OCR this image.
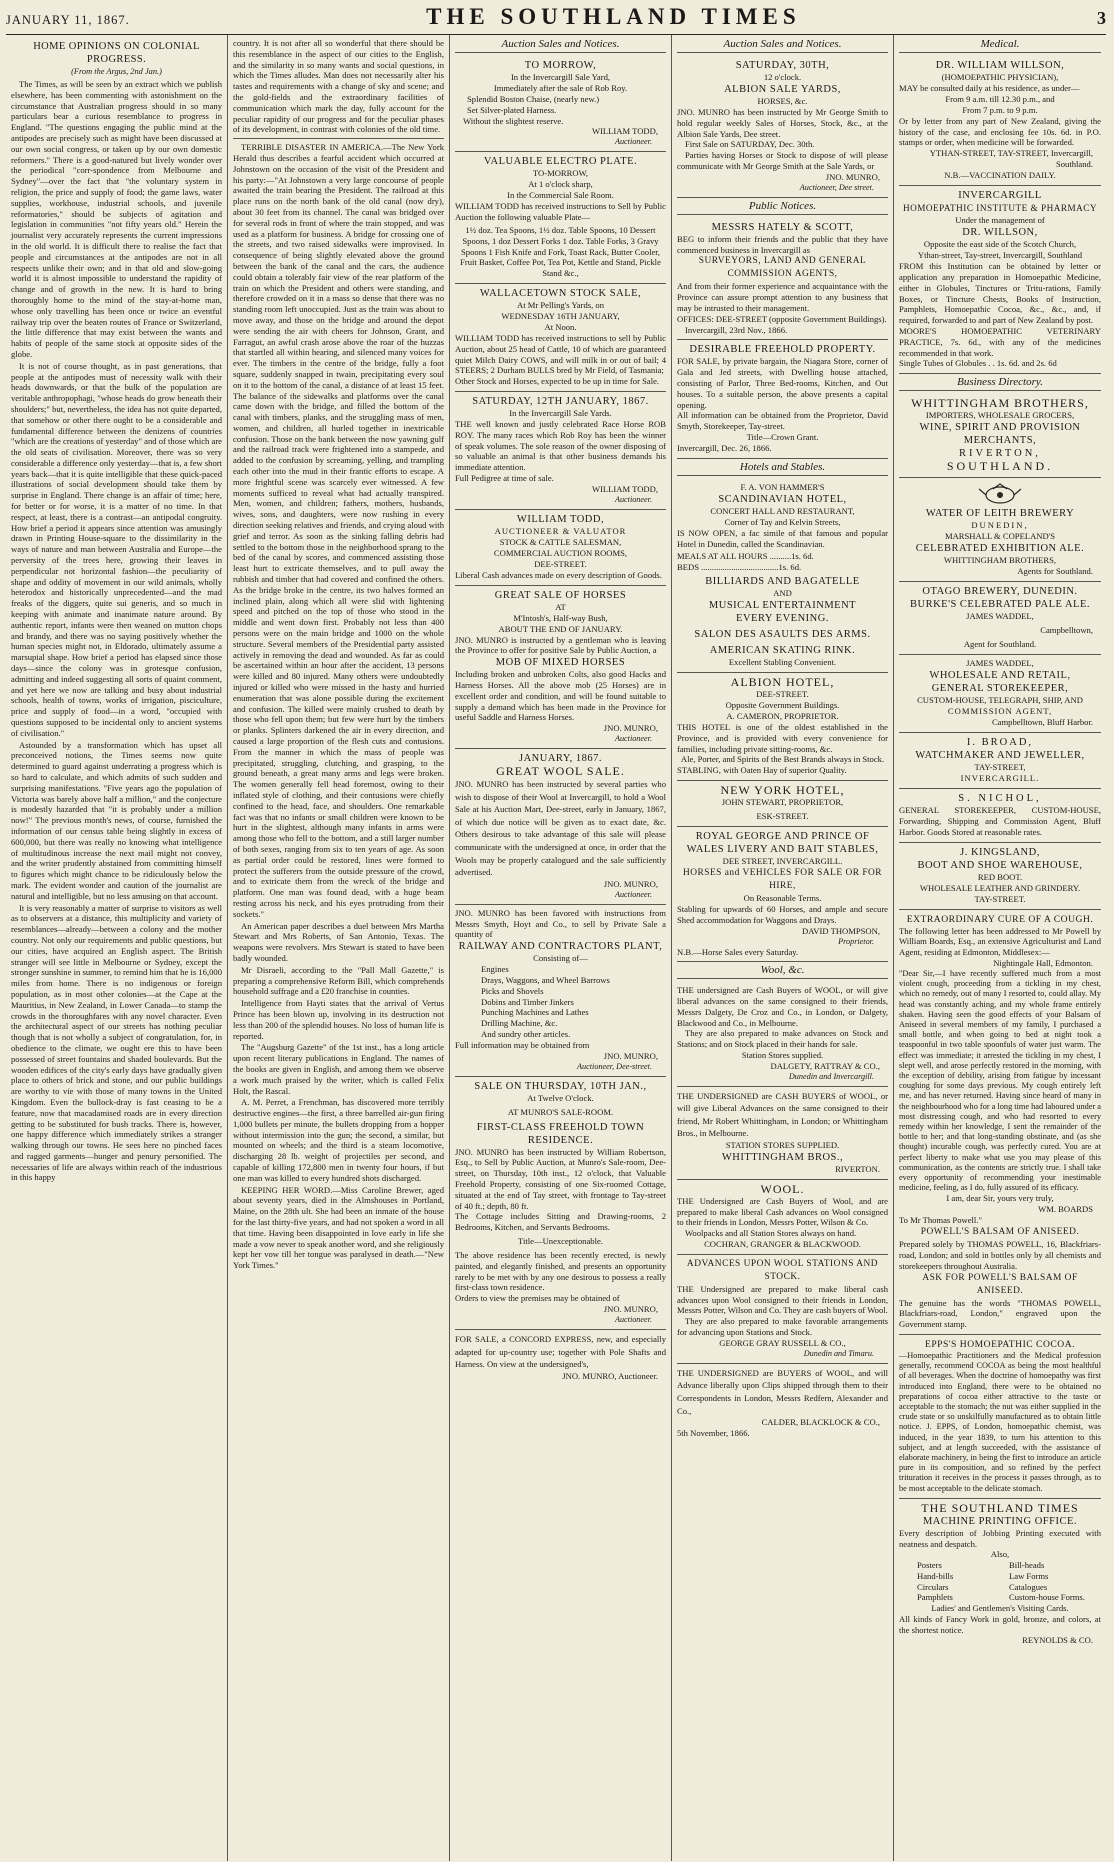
JANUARY 11, 1867.	THE SOUTHLAND TIMES	3
HOME OPINIONS ON COLONIAL PROGRESS.
(From the Argus, 2nd Jan.)

The Times, as will be seen by an extract which we publish elsewhere, has been commenting with astonishment on the circumstance that Australian progress should in so many particulars bear a curious resemblance to progress in England. "The questions engaging the public mind at the antipodes are precisely such as might have been discussed at our own social congress, or taken up by our own domestic reformers." There is a good-natured but lively wonder over the periodical "corr-spondence from Melbourne and Sydney"—over the fact that "the voluntary system in religion, the price and supply of food; the game laws, water supplies, workhouse, industrial schools, and juvenile reformatories," should be subjects of agitation and legislation in communities "not fifty years old." Herein the journalist very accurately represents the current impressions in the old world. It is difficult there to realise the fact that people and circumstances at the antipodes are not in all respects unlike their own; and in that old and slow-going world it is almost impossible to understand the rapidity of change and of growth in the new. It is hard to bring thoroughly home to the mind of the stay-at-home man, whose only travelling has been once or twice an eventful railway trip over the beaten routes of France or Switzerland, the little difference that may exist between the wants and habits of people of the same stock at opposite sides of the globe.

It is not of course thought, as in past generations, that people at the antipodes must of necessity walk with their heads downwards, or that the bulk of the population are veritable anthropophagi, "whose heads do grow beneath their shoulders;" but, nevertheless, the idea has not quite departed, that somehow or other there ought to be a considerable and fundamental difference between the denizens of countries "which are the creations of yesterday" and of those which are the old seats of civilisation. Moreover, there was so very considerable a difference only yesterday—that is, a few short years back—that it is quite intelligible that these quick-paced illustrations of social development should take them by surprise in England. There change is an affair of time; here, for better or for worse, it is a matter of no time. In that respect, at least, there is a contrast—an antipodal congruity. How brief a period it appears since attention was amusingly drawn in Printing House-square to the dissimilarity in the ways of nature and man between Australia and Europe—the perversity of the trees here, growing their leaves in perpendicular not horizontal fashion—the peculiarity of shape and oddity of movement in our wild animals, wholly heterodox and historically unprecedented—and the mad freaks of the diggers, quite sui generis, and so much in keeping with animate and inanimate nature around. By authentic report, infants were then weaned on mutton chops and brandy, and there was no saying positively whether the human species might not, in Eldorado, ultimately assume a marsupial shape. How brief a period has elapsed since those days—since the colony was in grotesque confusion, admitting and indeed suggesting all sorts of quaint comment, and yet here we now are talking and busy about industrial schools, health of towns, works of irrigation, pisciculture, price and supply of food—in a word, "occupied with questions supposed to be incidental only to ancient systems of civilisation."

Astounded by a transformation which has upset all preconceived notions, the Times seems now quite determined to guard against underrating a progress which is so hard to calculate, and which admits of such sudden and surprising manifestations. "Five years ago the population of Victoria was barely above half a million," and the conjecture is modestly hazarded that "it is probably under a million now!" The previous month's news, of course, furnished the information of our census table being slightly in excess of 600,000, but there was really no knowing what intelligence of multitudinous increase the next mail might not convey, and the writer prudently abstained from committing himself to figures which might chance to be ridiculously below the mark. The evident wonder and caution of the journalist are natural and intelligible, but no less amusing on that account.

It is very reasonably a matter of surprise to visitors as well as to observers at a distance, this multiplicity and variety of resemblances—already—between a colony and the mother country. Not only our requirements and public questions, but our cities, have acquired an English aspect. The British stranger will see little in Melbourne or Sydney, except the stronger sunshine in summer, to remind him that he is 16,000 miles from home. There is no indigenous or foreign population, as in most other colonies—at the Cape at the Mauritius, in New Zealand, in Lower Canada—to stamp the crowds in the thoroughfares with any novel character. Even the architectural aspect of our streets has nothing peculiar though that is not wholly a subject of congratulation, for, in obedience to the climate, we ought ere this to have been possessed of street fountains and shaded boulevards. But the wooden edifices of the city's early days have gradually given place to others of brick and stone, and our public buildings are worthy to vie with those of many towns in the United Kingdom. Even the bullock-dray is fast ceasing to be a feature, now that macadamised roads are in every direction getting to be substituted for bush tracks. There is, however, one happy difference which immediately strikes a stranger walking through our towns. He sees here no pinched faces and ragged garments—hunger and penury personified. The necessaries of life are always within reach of the industrious in this happy

country. It is not after all so wonderful that there should be this resemblance in the aspect of our cities to the English, and the similarity in so many wants and social questions, in which the Times alludes. Man does not necessarily alter his tastes and requirements with a change of sky and scene; and the gold-fields and the extraordinary facilities of communication which mark the day, fully account for the peculiar rapidity of our progress and for the peculiar phases of its development, in contrast with colonies of the old time.

TERRIBLE DISASTER IN AMERICA.—The New York Herald thus describes a fearful accident which occurred at Johnstown on the occasion of the visit of the President and his party:—"At Johnstown a very large concourse of people awaited the train bearing the President. The railroad at this place runs on the north bank of the old canal (now dry), about 30 feet from its channel. The canal was bridged over for several rods in front of where the train stopped, and was used as a platform for business. A bridge for crossing one of the streets, and two raised sidewalks were improvised. In consequence of being slightly elevated above the ground between the bank of the canal and the cars, the audience could obtain a tolerably fair view of the rear platform of the train on which the President and others were standing, and therefore crowded on it in a mass so dense that there was no standing room left unoccupied. Just as the train was about to move away, and those on the bridge and around the depot were sending the air with cheers for Johnson, Grant, and Farragut, an awful crash arose above the roar of the huzzas that startled all within hearing, and silenced many voices for ever. The timbers in the centre of the bridge, fully a foot square, suddenly snapped in twain, precipitating every soul on it to the bottom of the canal, a distance of at least 15 feet. The balance of the sidewalks and platforms over the canal came down with the bridge, and filled the bottom of the canal with timbers, planks, and the struggling mass of men, women, and children, all hurled together in inextricable confusion. Those on the bank between the now yawning gulf and the railroad track were frightened into a stampede, and added to the confusion by screaming, yelling, and trampling each other into the mud in their frantic efforts to escape. A more frightful scene was scarcely ever witnessed. A few moments sufficed to reveal what had actually transpired. Men, women, and children; fathers, mothers, husbands, wives, sons, and daughters, were now rushing in every direction seeking relatives and friends, and crying aloud with grief and terror. As soon as the sinking falling debris had settled to the bottom those in the neighborhood sprang to the bed of the canal by scores, and commenced assisting those least hurt to extricate themselves, and to pull away the rubbish and timber that had covered and confined the others. As the bridge broke in the centre, its two halves formed an inclined plain, along which all were slid with lightening speed and pitched on the top of those who stood in the middle and went down first. Probably not less than 400 persons were on the main bridge and 1000 on the whole structure. Several members of the Presidential party assisted actively in removing the dead and wounded. As far as could be ascertained within an hour after the accident, 13 persons were killed and 80 injured. Many others were undoubtedly injured or killed who were missed in the hasty and hurried enumeration that was alone possible during the excitement and confusion. The killed were mainly crushed to death by those who fell upon them; but few were hurt by the timbers or planks. Splinters darkened the air in every direction, and caused a large proportion of the flesh cuts and contusions. From the manner in which the mass of people was precipitated, struggling, clutching, and grasping, to the ground beneath, a great many arms and legs were broken. The women generally fell head foremost, owing to their inflated style of clothing, and their contusions were chiefly confined to the head, face, and shoulders. One remarkable fact was that no infants or small children were known to be hurt in the slightest, although many infants in arms were among those who fell to the bottom, and a still larger number of both sexes, ranging from six to ten years of age. As soon as partial order could be restored, lines were formed to protect the sufferers from the outside pressure of the crowd, and to extricate them from the wreck of the bridge and platform. One man was found dead, with a huge beam resting across his neck, and his eyes protruding from their sockets."

An American paper describes a duel between Mrs Martha Stewart and Mrs Roberts, of San Antonio, Texas. The weapons were revolvers. Mrs Stewart is stated to have been badly wounded.

Mr Disraeli, according to the "Pall Mall Gazette," is preparing a comprehensive Reform Bill, which comprehends household suffrage and a £20 franchise in counties.

Intelligence from Hayti states that the arrival of Vertus Prince has been blown up, involving in its destruction not less than 200 of the splendid houses. No loss of human life is reported.

The "Augsburg Gazette" of the 1st inst., has a long article upon recent literary publications in England. The names of the books are given in English, and among them we observe a work much praised by the writer, which is called Felix Holt, the Rascal.

A. M. Perret, a Frenchman, has discovered more terribly destructive engines—the first, a three barrelled air-gun firing 1,000 bullets per minute, the bullets dropping from a hopper without intermission into the gun; the second, a similar, but mounted on wheels; and the third is a steam locomotive, discharging 28 lb. weight of projectiles per second, and capable of killing 172,800 men in twenty four hours, if but one man was killed to every hundred shots discharged.

KEEPING HER WORD.—Miss Caroline Brewer, aged about seventy years, died in the Almshouses in Portland, Maine, on the 28th ult. She had been an inmate of the house for the last thirty-five years, and had not spoken a word in all that time. Having been disappointed in love early in life she made a vow never to speak another word, and she religiously kept her vow till her tongue was paralysed in death.—"New York Times."

Auction Sales and Notices.
TO MORROW,
In the Invercargill Sale Yard,
Immediately after the sale of Rob Roy.
Splendid Boston Chaise, (nearly new.)
Set Silver-plated Harness.
Without the slightest reserve.
WILLIAM TODD,
Auctioneer.
VALUABLE ELECTRO PLATE.
TO-MORROW,
At 1 o'clock sharp,
In the Commercial Sale Room.
WILLIAM TODD has received instructions to Sell by Public Auction the following valuable Plate—
1½ doz. Tea Spoons, 1½ doz. Table Spoons, 10 Dessert Spoons, 1 doz Dessert Forks 1 doz. Table Forks, 3 Gravy Spoons 1 Fish Knife and Fork, Toast Rack, Butter Cooler, Fruit Basket, Coffee Pot, Tea Pot, Kettle and Stand, Pickle Stand &c.,
WALLACETOWN STOCK SALE,
At Mr Pelling's Yards, on
WEDNESDAY 16TH JANUARY,
At Noon.
WILLIAM TODD has received instructions to sell by Public Auction, about 25 head of Cattle, 10 of which are guaranteed quiet Milch Dairy COWS, and will milk in or out of bail; 4 STEERS; 2 Durham BULLS bred by Mr Field, of Tasmania;
Other Stock and Horses, expected to be up in time for Sale.
SATURDAY, 12TH JANUARY, 1867.
In the Invercargill Sale Yards.
THE well known and justly celebrated Race Horse ROB ROY. The many races which Rob Roy has been the winner of speak volumes. The sole reason of the owner disposing of so valuable an animal is that other business demands his immediate attention.
Full Pedigree at time of sale.
WILLIAM TODD,
Auctioneer.
WILLIAM TODD,
AUCTIONEER & VALUATOR
STOCK & CATTLE SALESMAN,
COMMERCIAL AUCTION ROOMS,
DEE-STREET.
Liberal Cash advances made on every description of Goods.
GREAT SALE OF HORSES
AT
M'Intosh's, Half-way Bush,
ABOUT THE END OF JANUARY.
JNO. MUNRO is instructed by a gentleman who is leaving the Province to offer for positive Sale by Public Auction, a
MOB OF MIXED HORSES
Including broken and unbroken Colts, also good Hacks and Harness Horses. All the above mob (25 Horses) are in excellent order and condition, and will be found suitable to supply a demand which has been made in the Province for useful Saddle and Harness Horses.
JNO. MUNRO,
Auctioneer.
JANUARY, 1867.
GREAT WOOL SALE.
JNO. MUNRO has been instructed by several parties who wish to dispose of their Wool at Invercargill, to hold a Wool Sale at his Auction Mart, Dee-street, early in January, 1867, of which due notice will be given as to exact date, &c. Others desirous to take advantage of this sale will please communicate with the undersigned at once, in order that the Wools may be properly catalogued and the sale sufficiently advertised.
JNO. MUNRO,
Auctioneer.
JNO. MUNRO has been favored with instructions from Messrs Smyth, Hoyt and Co., to sell by Private Sale a quantity of
RAILWAY AND CONTRACTORS PLANT,
Consisting of—
Engines
Drays, Waggons, and Wheel Barrows
Picks and Shovels
Dobins and Timber Jinkers
Punching Machines and Lathes
Drilling Machine, &c.
And sundry other articles.
Full information may be obtained from
JNO. MUNRO,
Auctioneer, Dee-street.
SALE ON THURSDAY, 10TH JAN.,
At Twelve O'clock.
AT MUNRO'S SALE-ROOM.
FIRST-CLASS FREEHOLD TOWN RESIDENCE.
JNO. MUNRO has been instructed by William Robertson, Esq., to Sell by Public Auction, at Munro's Sale-room, Dee-street, on Thursday, 10th inst., 12 o'clock, that Valuable Freehold Property, consisting of one Six-roomed Cottage, situated at the end of Tay street, with frontage to Tay-street of 40 ft.; depth, 80 ft.
The Cottage includes Sitting and Drawing-rooms, 2 Bedrooms, Kitchen, and Servants Bedrooms.
Title—Unexceptionable.
The above residence has been recently erected, is newly painted, and elegantly finished, and presents an opportunity rarely to be met with by any one desirous to possess a really first-class town residence.
Orders to view the premises may be obtained of
JNO. MUNRO,
Auctioneer.
FOR SALE, a CONCORD EXPRESS, new, and especially adapted for up-country use; together with Pole Shafts and Harness. On view at the undersigned's,
JNO. MUNRO, Auctioneer.
Auction Sales and Notices.
SATURDAY, 30TH,
12 o'clock.
ALBION SALE YARDS,
HORSES, &c.
JNO. MUNRO has been instructed by Mr George Smith to hold regular weekly Sales of Horses, Stock, &c., at the Albion Sale Yards, Dee street.
First Sale on SATURDAY, Dec. 30th.
Parties having Horses or Stock to dispose of will please communicate with Mr George Smith at the Sale Yards, or
JNO. MUNRO,
Auctioneer, Dee street.
Public Notices.
MESSRS HATELY & SCOTT,
BEG to inform their friends and the public that they have commenced business in Invercargill as
SURVEYORS, LAND AND GENERAL COMMISSION AGENTS,
And from their former experience and acquaintance with the Province can assure prompt attention to any business that may be intrusted to their management.
OFFICES: DEE-STREET (opposite Government Buildings).
Invercargill, 23rd Nov., 1866.
DESIRABLE FREEHOLD PROPERTY.
FOR SALE, by private bargain, the Niagara Store, corner of Gala and Jed streets, with Dwelling house attached, consisting of Parlor, Three Bed-rooms, Kitchen, and Out houses. To a suitable person, the above presents a capital opening.
All information can be obtained from the Proprietor, David Smyth, Storekeeper, Tay-street.
Title—Crown Grant.
Invercargill, Dec. 26, 1866.
Hotels and Stables.
F. A. VON HAMMER'S
SCANDINAVIAN HOTEL,
CONCERT HALL AND RESTAURANT,
Corner of Tay and Kelvin Streets,
IS NOW OPEN, a fac simile of that famous and popular Hotel in Dunedin, called the Scandinavian.
MEALS AT ALL HOURS ..........1s. 6d.
BEDS ....................................1s. 6d.
BILLIARDS AND BAGATELLE
AND
MUSICAL ENTERTAINMENT
EVERY EVENING.
SALON DES ASAULTS DES ARMS.
AMERICAN SKATING RINK.
Excellent Stabling Convenient.
ALBION HOTEL,
DEE-STREET.
Opposite Government Buildings.
A. CAMERON, PROPRIETOR.
THIS HOTEL is one of the oldest established in the Province, and is provided with every convenience for families, including private sitting-rooms, &c.
Ale, Porter, and Spirits of the Best Brands always in Stock.
STABLING, with Oaten Hay of superior Quality.
NEW YORK HOTEL,
JOHN STEWART, PROPRIETOR,
ESK-STREET.
ROYAL GEORGE AND PRINCE OF WALES LIVERY AND BAIT STABLES,
DEE STREET, INVERCARGILL.
HORSES and VEHICLES FOR SALE OR FOR HIRE,
On Reasonable Terms.
Stabling for upwards of 60 Horses, and ample and secure Shed accommodation for Waggons and Drays.
DAVID THOMPSON,
Proprietor.
N.B.—Horse Sales every Saturday.
Wool, &c.
THE undersigned are Cash Buyers of WOOL, or will give liberal advances on the same consigned to their friends, Messrs Dalgety, De Croz and Co., in London, or Dalgety, Blackwood and Co., in Melbourne.
They are also prepared to make advances on Stock and Stations; and on Stock placed in their hands for sale.
Station Stores supplied.
DALGETY, RATTRAY & CO.,
Dunedin and Invercargill.
THE UNDERSIGNED are CASH BUYERS of WOOL, or will give Liberal Advances on the same consigned to their friend, Mr Robert Whittingham, in London; or Whittingham Bros., in Melbourne.
STATION STORES SUPPLIED.
WHITTINGHAM BROS.,
RIVERTON.
WOOL.
THE Undersigned are Cash Buyers of Wool, and are prepared to make liberal Cash advances on Wool consigned to their friends in London, Messrs Potter, Wilson & Co.
Woolpacks and all Station Stores always on hand.
COCHRAN, GRANGER & BLACKWOOD.
ADVANCES UPON WOOL STATIONS AND STOCK.
THE Undersigned are prepared to make liberal cash advances upon Wool consigned to their friends in London, Messrs Potter, Wilson and Co. They are cash buyers of Wool.
They are also prepared to make favorable arrangements for advancing upon Stations and Stock.
GEORGE GRAY RUSSELL & CO.,
Dunedin and Timaru.
THE UNDERSIGNED are BUYERS of WOOL, and will Advance liberally upon Clips shipped through them to their Correspondents in London, Messrs Redfern, Alexander and Co.,
CALDER, BLACKLOCK & CO.,
5th November, 1866.
Medical.
DR. WILLIAM WILLSON,
(HOMOEPATHIC PHYSICIAN),
MAY be consulted daily at his residence, as under—
From 9 a.m. till 12.30 p.m., and
From 7 p.m. to 9 p.m.
Or by letter from any part of New Zealand, giving the history of the case, and enclosing fee 10s. 6d. in P.O. stamps or order, when medicine will be forwarded.
YTHAN-STREET, TAY-STREET, Invercargill, Southland.
N.B.—VACCINATION DAILY.
INVERCARGILL
HOMOEPATHIC INSTITUTE & PHARMACY
Under the management of
DR. WILLSON,
Opposite the east side of the Scotch Church,
Ythan-street, Tay-street, Invercargill, Southland
FROM this Institution can be obtained by letter or application any preparation in Homoepathic Medicine, either in Globules, Tinctures or Tritu-rations, Family Boxes, or Tincture Chests, Books of Instruction, Pamphlets, Homoepathic Cocoa, &c., &c., and, if required, forwarded to and part of New Zealand by post.
MOORE'S HOMOEPATHIC VETERINARY PRACTICE, 7s. 6d., with any of the medicines recommended in that work.
Single Tubes of Globules . . 1s. 6d. and 2s. 6d
Business Directory.
WHITTINGHAM BROTHERS,
IMPORTERS, WHOLESALE GROCERS,
WINE, SPIRIT AND PROVISION
MERCHANTS,
RIVERTON,
SOUTHLAND.
WATER OF LEITH BREWERY
DUNEDIN,
MARSHALL & COPELAND'S
CELEBRATED EXHIBITION ALE.
WHITTINGHAM BROTHERS,
Agents for Southland.
OTAGO BREWERY, DUNEDIN.
BURKE'S CELEBRATED PALE ALE.
JAMES WADDEL,
Campbelltown,
Agent for Southland.
JAMES WADDEL,
WHOLESALE AND RETAIL,
GENERAL STOREKEEPER,
CUSTOM-HOUSE, TELEGRAPH, SHIP, AND
COMMISSION AGENT,
Campbelltown, Bluff Harbor.
I. BROAD,
WATCHMAKER AND JEWELLER,
TAY-STREET,
INVERCARGILL.
S. NICHOL,
GENERAL STOREKEEPER, CUSTOM-HOUSE, Forwarding, Shipping and Commission Agent, Bluff Harbor. Goods Stored at reasonable rates.
J. KINGSLAND,
BOOT AND SHOE WAREHOUSE,
RED BOOT.
WHOLESALE LEATHER AND GRINDERY.
TAY-STREET.
EXTRAORDINARY CURE OF A COUGH.
The following letter has been addressed to Mr Powell by William Boards, Esq., an extensive Agriculturist and Land Agent, residing at Edmonton, Middlesex:—
Nightingale Hall, Edmonton.
"Dear Sir,—I have recently suffered much from a most violent cough, proceeding from a tickling in my chest, which no remedy, out of many I resorted to, could allay. My head was constantly aching, and my whole frame entirely shaken. Having seen the good effects of your Balsam of Aniseed in several members of my family, I purchased a small bottle, and when going to bed at night took a teaspoonful in two table spoonfuls of water just warm. The effect was immediate; it arrested the tickling in my chest, I slept well, and arose perfectly restored in the morning, with the exception of debility, arising from fatigue by incessant coughing for some days previous. My cough entirely left me, and has never returned. Having since heard of many in the neighbourhood who for a long time had laboured under a most distressing cough, and who had resorted to every remedy within her knowledge, I sent the remainder of the bottle to her; and that long-standing obstinate, and (as she thought) incurable cough, was perfectly cured. You are at perfect liberty to make what use you may please of this communication, as the contents are strictly true. I shall take every opportunity of recommending your inestimable medicine, feeling, as I do, fully assured of its efficacy.
I am, dear Sir, yours very truly,
WM. BOARDS
To Mr Thomas Powell."
POWELL'S BALSAM OF ANISEED.
Prepared solely by THOMAS POWELL, 16, Blackfriars-road, London; and sold in bottles only by all chemists and storekeepers throughout Australia.
ASK FOR POWELL'S BALSAM OF ANISEED.
The genuine has the words "THOMAS POWELL, Blackfriars-road, London," engraved upon the Government stamp.
EPPS'S HOMOEPATHIC COCOA.
—Homoepathic Practitioners and the Medical profession generally, recommend COCOA as being the most healthful of all beverages. When the doctrine of homoepathy was first introduced into England, there were to be obtained no preparations of cocoa either attractive to the taste or acceptable to the stomach; the nut was either supplied in the crude state or so unskilfully manufactured as to obtain little notice. J. EPPS, of London, homoepathic chemist, was induced, in the year 1839, to turn his attention to this subject, and at length succeeded, with the assistance of elaborate machinery, in being the first to introduce an article pure in its composition, and so refined by the perfect trituration it receives in the process it passes through, as to be most acceptable to the delicate stomach.
THE SOUTHLAND TIMES
MACHINE PRINTING OFFICE.
Every description of Jobbing Printing executed with neatness and despatch.
Also,
Posters	Bill-heads
Hand-bills	Law Forms
Circulars	Catalogues
Pamphlets	Custom-house Forms.
Ladies' and Gentlemen's Visiting Cards.
All kinds of Fancy Work in gold, bronze, and colors, at the shortest notice.
REYNOLDS & CO.
